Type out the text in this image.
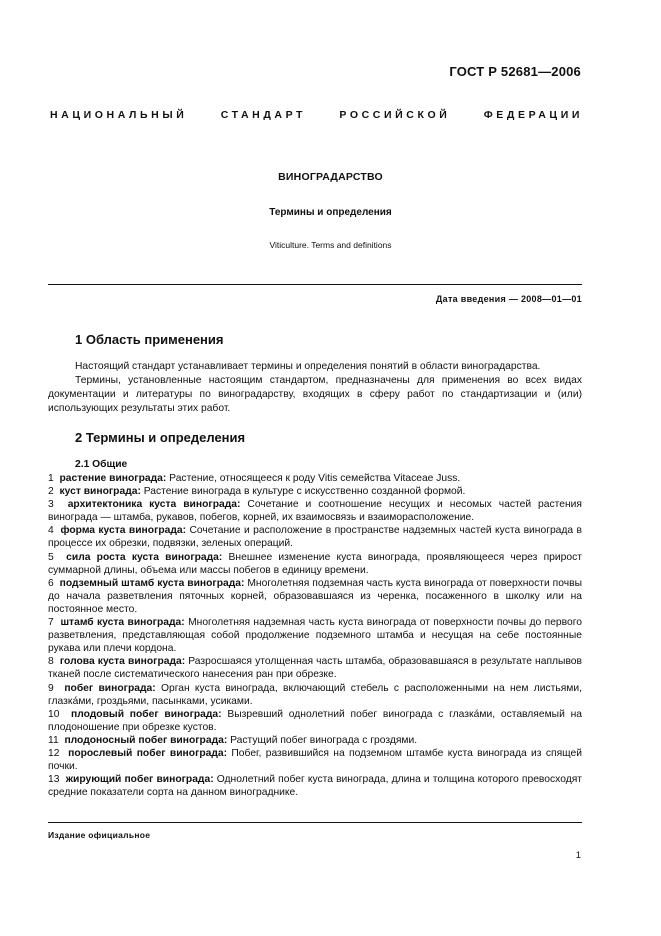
ГОСТ Р 52681—2006
НАЦИОНАЛЬНЫЙ СТАНДАРТ РОССИЙСКОЙ ФЕДЕРАЦИИ
ВИНОГРАДАРСТВО
Термины и определения
Viticulture. Terms and definitions
Дата введения — 2008—01—01
1 Область применения
Настоящий стандарт устанавливает термины и определения понятий в области виноградарства.
Термины, установленные настоящим стандартом, предназначены для применения во всех видах документации и литературы по виноградарству, входящих в сферу работ по стандартизации и (или) использующих результаты этих работ.
2 Термины и определения
2.1 Общие
1 растение винограда: Растение, относящееся к роду Vitis семейства Vitaceae Juss.
2 куст винограда: Растение винограда в культуре с искусственно созданной формой.
3 архитектоника куста винограда: Сочетание и соотношение несущих и несомых частей растения винограда — штамба, рукавов, побегов, корней, их взаимосвязь и взаиморасположение.
4 форма куста винограда: Сочетание и расположение в пространстве надземных частей куста винограда в процессе их обрезки, подвязки, зеленых операций.
5 сила роста куста винограда: Внешнее изменение куста винограда, проявляющееся через прирост суммарной длины, объема или массы побегов в единицу времени.
6 подземный штамб куста винограда: Многолетняя подземная часть куста винограда от поверхности почвы до начала разветвления пяточных корней, образовавшаяся из черенка, посаженного в школку или на постоянное место.
7 штамб куста винограда: Многолетняя надземная часть куста винограда от поверхности почвы до первого разветвления, представляющая собой продолжение подземного штамба и несущая на себе постоянные рукава или плечи кордона.
8 голова куста винограда: Разросшаяся утолщенная часть штамба, образовавшаяся в результате наплывов тканей после систематического нанесения ран при обрезке.
9 побег винограда: Орган куста винограда, включающий стебель с расположенными на нем листьями, глазка́ми, гроздьями, пасынками, усиками.
10 плодовый побег винограда: Вызревший однолетний побег винограда с глазка́ми, оставляемый на плодоношение при обрезке кустов.
11 плодоносный побег винограда: Растущий побег винограда с гроздями.
12 порослевый побег винограда: Побег, развившийся на подземном штамбе куста винограда из спящей почки.
13 жирующий побег винограда: Однолетний побег куста винограда, длина и толщина которого превосходят средние показатели сорта на данном винограднике.
Издание официальное
1
